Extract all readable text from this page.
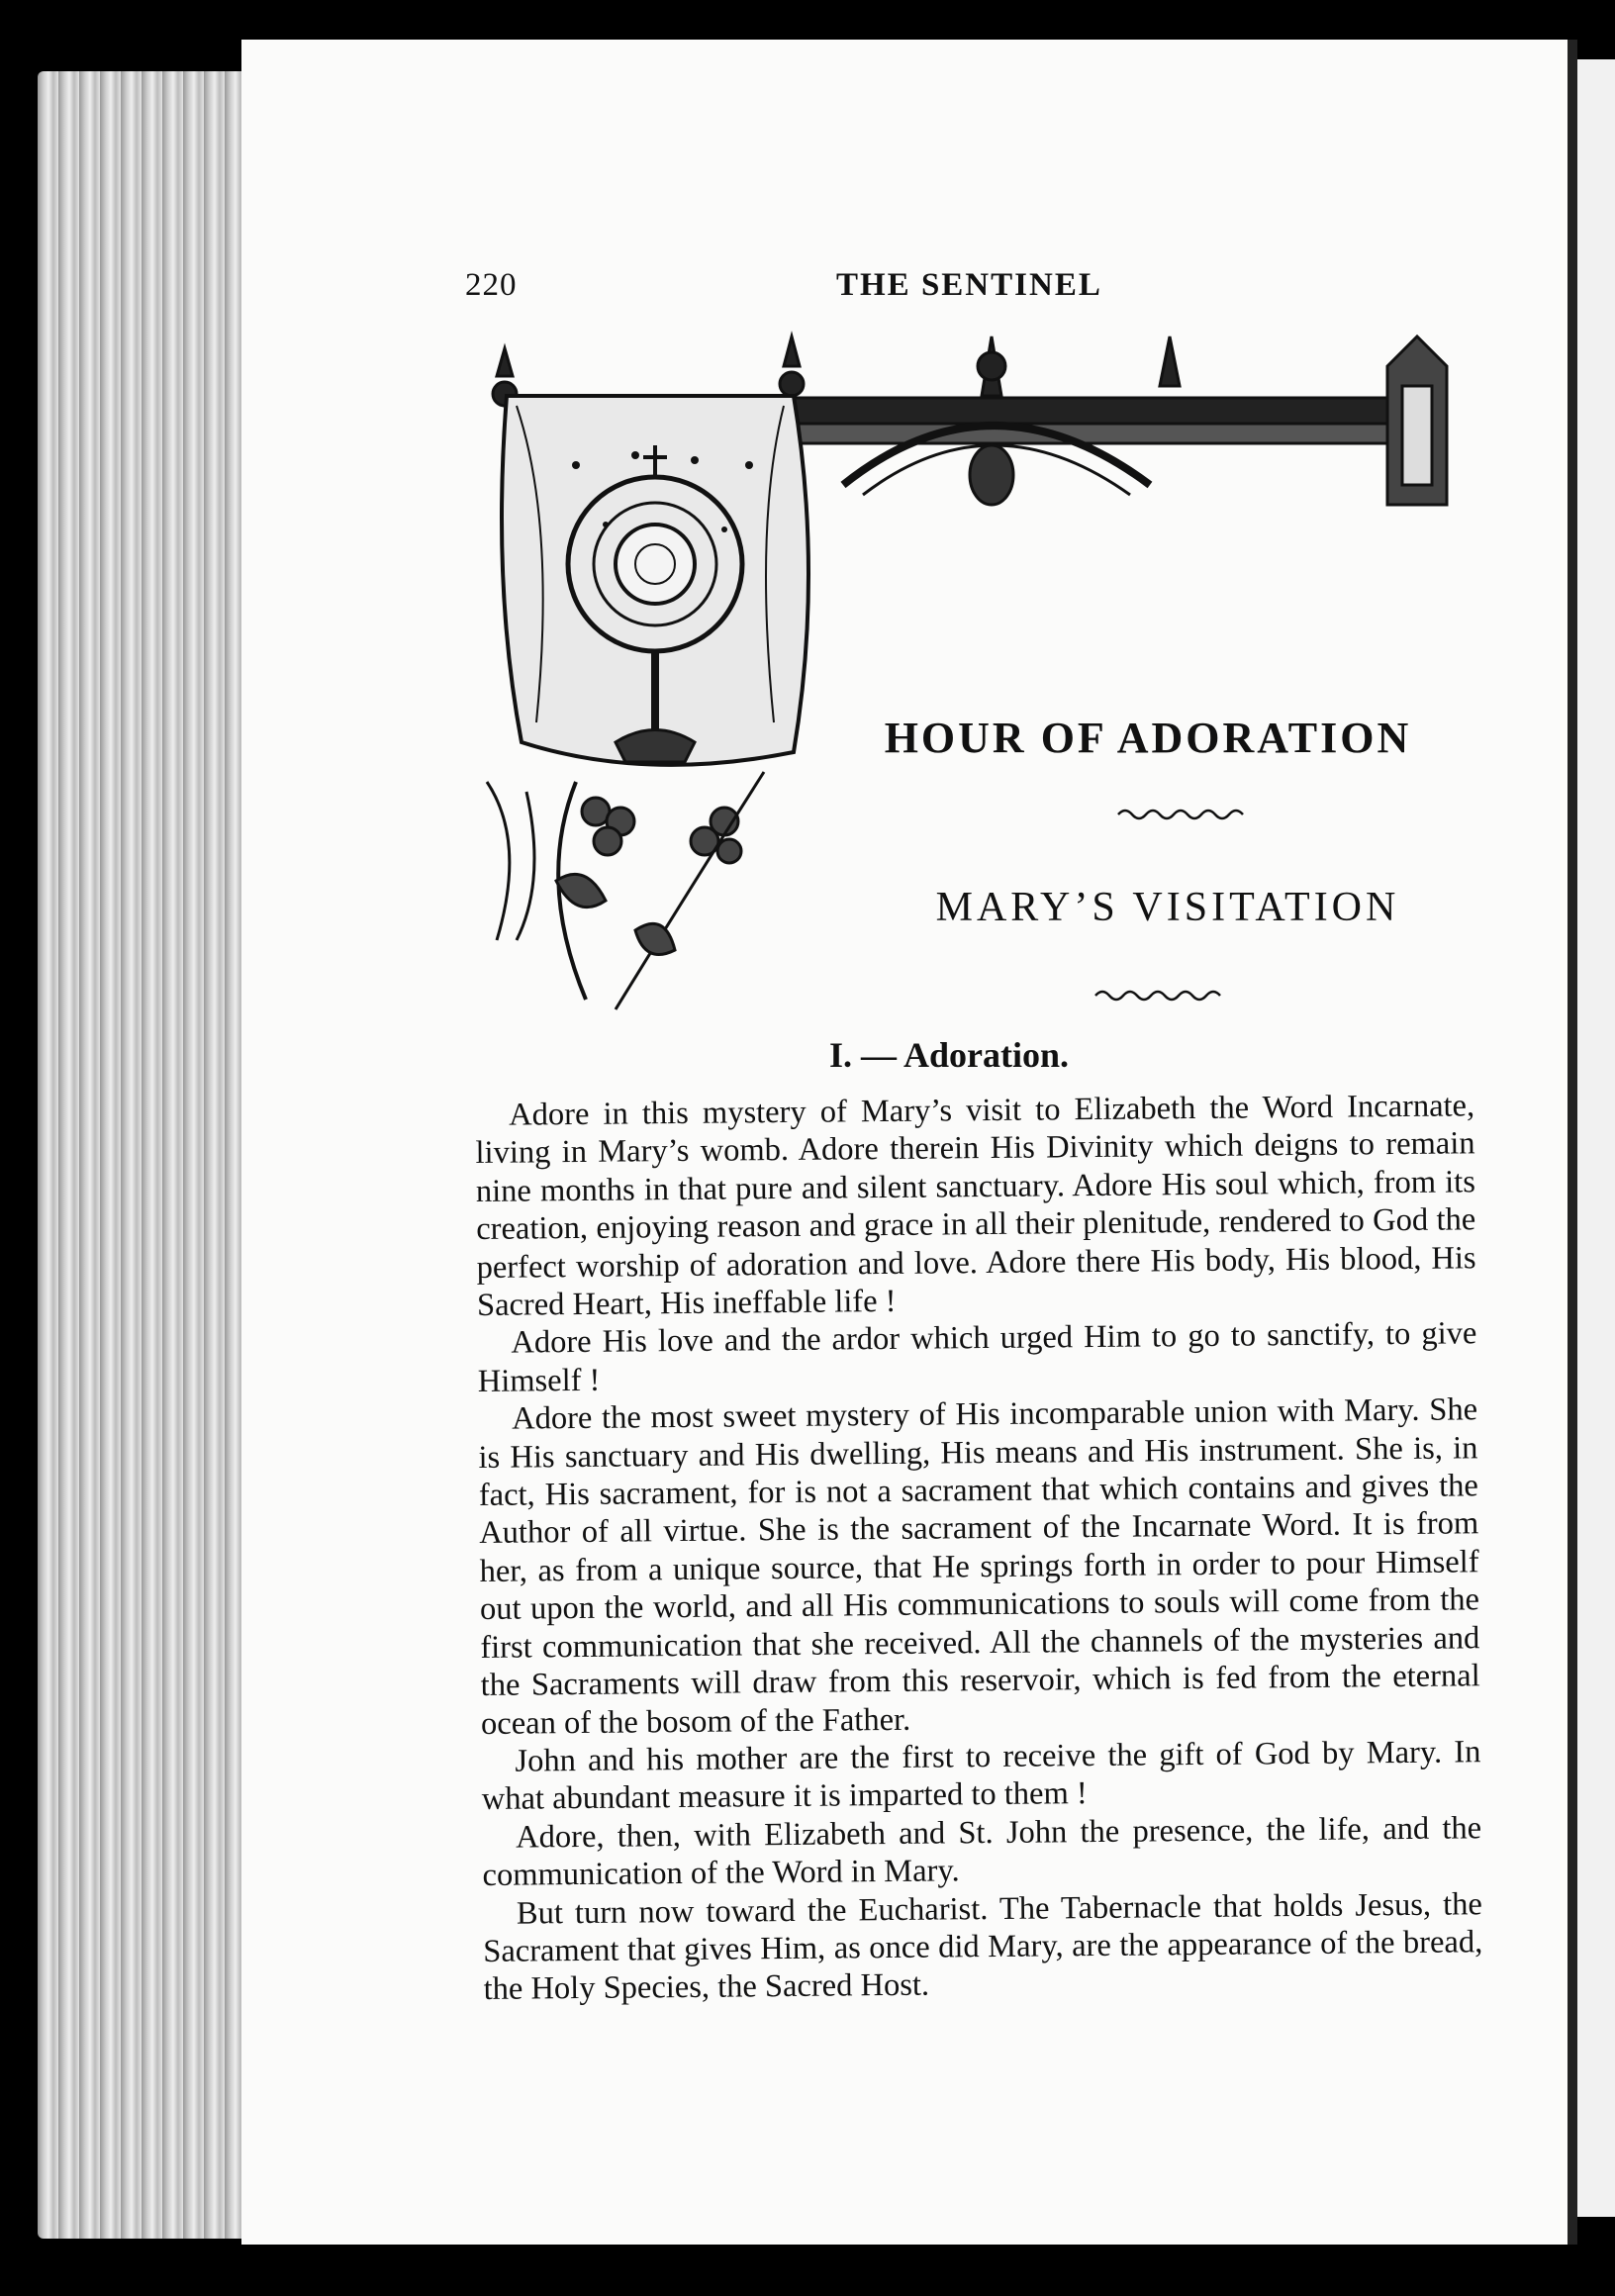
220	THE SENTINEL
HOUR OF ADORATION
MARY’S VISITATION
I. — Adoration.

Adore in this mystery of Mary’s visit to Elizabeth the Word Incarnate, living in Mary’s womb. Adore therein His Divinity which deigns to remain nine months in that pure and silent sanctuary. Adore His soul which, from its creation, enjoying reason and grace in all their plenitude, rendered to God the perfect worship of adoration and love. Adore there His body, His blood, His Sacred Heart, His ineffable life !

Adore His love and the ardor which urged Him to go to sanctify, to give Himself !

Adore the most sweet mystery of His incomparable union with Mary. She is His sanctuary and His dwelling, His means and His instrument. She is, in fact, His sacrament, for is not a sacrament that which contains and gives the Author of all virtue. She is the sacrament of the Incarnate Word. It is from her, as from a unique source, that He springs forth in order to pour Himself out upon the world, and all His communications to souls will come from the first communication that she received. All the channels of the mysteries and the Sacraments will draw from this reservoir, which is fed from the eternal ocean of the bosom of the Father.

John and his mother are the first to receive the gift of God by Mary. In what abundant measure it is imparted to them !

Adore, then, with Elizabeth and St. John the presence, the life, and the communication of the Word in Mary.

But turn now toward the Eucharist. The Tabernacle that holds Jesus, the Sacrament that gives Him, as once did Mary, are the appearance of the bread, the Holy Species, the Sacred Host.
